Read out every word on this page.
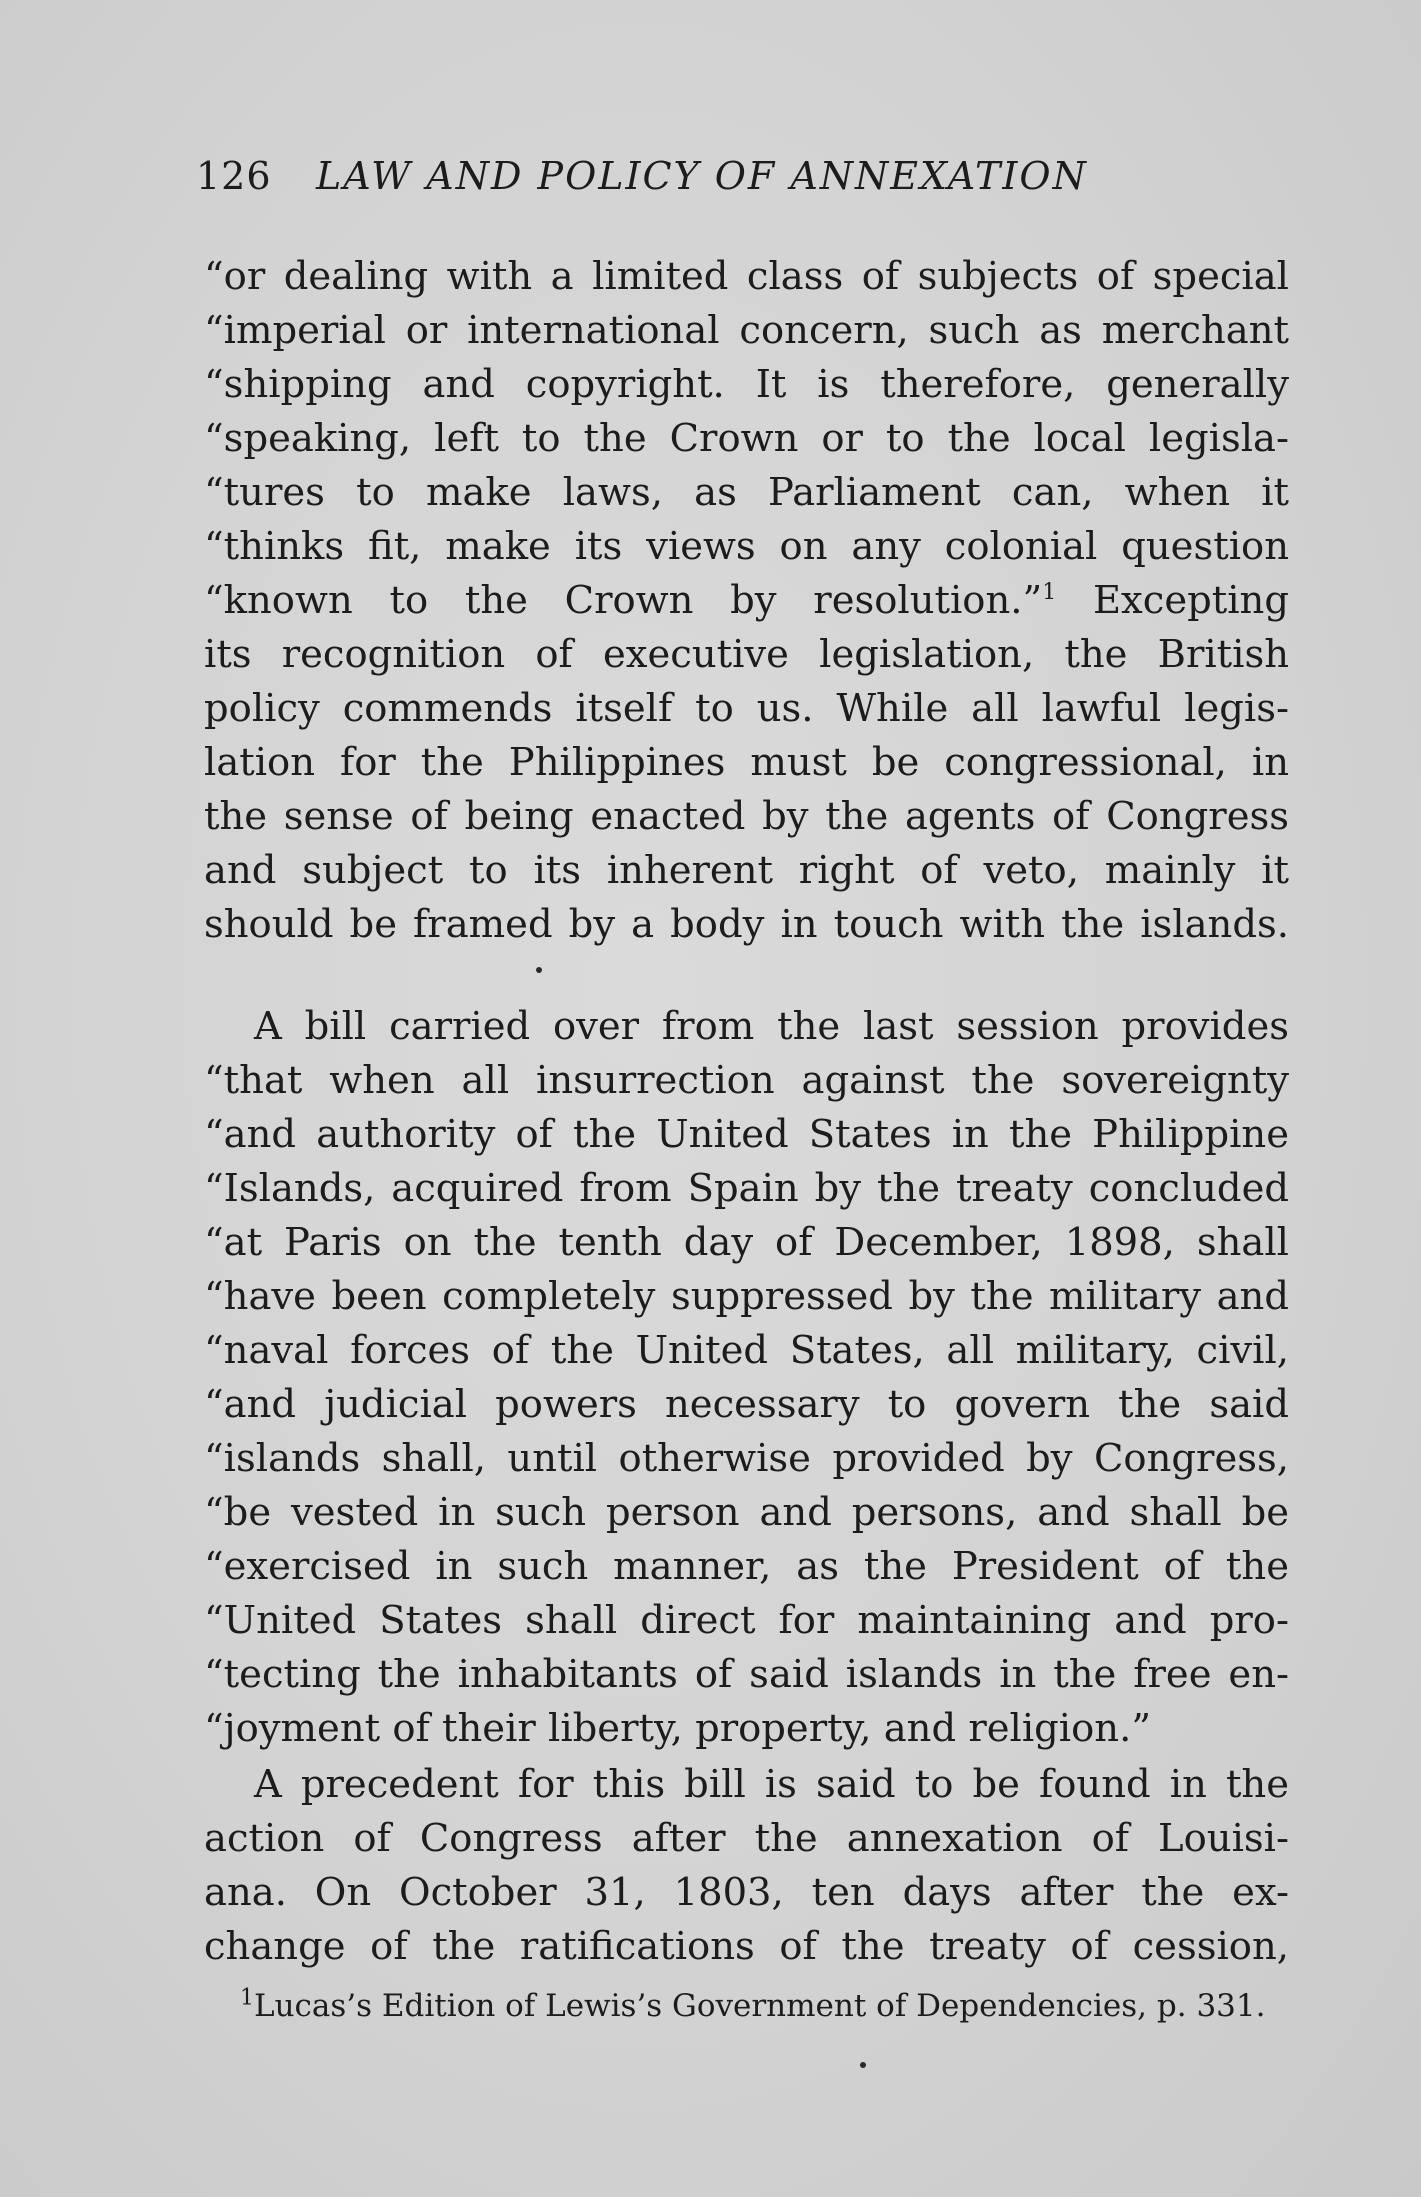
126 LAW AND POLICY OF ANNEXATION
“or dealing with a limited class of subjects of special
“imperial or international concern, such as merchant
“shipping and copyright. It is therefore, generally
“speaking, left to the Crown or to the local legisla-
“tures to make laws, as Parliament can, when it
“thinks fit, make its views on any colonial question
“known to the Crown by resolution.”$^1$ Excepting
its recognition of executive legislation, the British
policy commends itself to us. While all lawful legis-
lation for the Philippines must be congressional, in
the sense of being enacted by the agents of Congress
and subject to its inherent right of veto, mainly it
should be framed by a body in touch with the islands.
A bill carried over from the last session provides
“that when all insurrection against the sovereignty
“and authority of the United States in the Philippine
“Islands, acquired from Spain by the treaty concluded
“at Paris on the tenth day of December, 1898, shall
“have been completely suppressed by the military and
“naval forces of the United States, all military, civil,
“and judicial powers necessary to govern the said
“islands shall, until otherwise provided by Congress,
“be vested in such person and persons, and shall be
“exercised in such manner, as the President of the
“United States shall direct for maintaining and pro-
“tecting the inhabitants of said islands in the free en-
“joyment of their liberty, property, and religion.”
A precedent for this bill is said to be found in the
action of Congress after the annexation of Louisi-
ana. On October 31, 1803, ten days after the ex-
change of the ratifications of the treaty of cession,
$^1$Lucas’s Edition of Lewis’s Government of Dependencies, p. 331.
